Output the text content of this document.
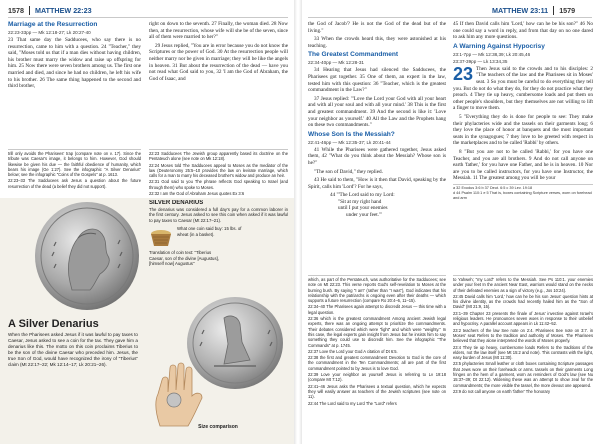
1578 MATTHEW 22:23
Marriage at the Resurrection
22:23-33pp — Mk 12:18-27; Lk 20:27-40
23 That same day the Sadducees, who say there is no resurrection, came to him with a question. 24 "Teacher," they said, "Moses told us that if a man dies without having children, his brother must marry the widow and raise up offspring for him. 25 Now there were seven brothers among us. The first one married and died, and since he had no children, he left his wife to his brother. 26 The same thing happened to the second and third brother,
right on down to the seventh. 27 Finally, the woman died. 28 Now then, at the resurrection, whose wife will she be of the seven, since all of them were married to her?"
29 Jesus replied, "You are in error because you do not know the Scriptures or the power of God. 30 At the resurrection people will neither marry nor be given in marriage; they will be like the angels in heaven. 31 But about the resurrection of the dead — have you not read what God said to you, 32 'I am the God of Abraham, the God of Isaac, and
trill only avoids the Pharisees' trap (compare note on v. 17). Since the tribute was Caesar's image, it belongs to him. However, God should likewise be given his due — the faithful obedience of humanity, which bears his image (Ge 1:27). See the infographic "A Silver Denarius" below; see the infographic "Coins of the Gospels" at p. 1613.
22:23–33 The Sadducees ask Jesus a question about the future resurrection of the dead (a belief they did not support).
22:23 Sadducees The Jewish group apparently based its doctrine on the Pentateuch alone (see note on Mk 12:18).
22:24 Moses told The Sadducees appeal to Moses as the mediator of the law (Deuteronomy 25:5–10 provides the law on levirate marriage, which calls for a man to marry his deceased brother's widow and produce an heir.
22:31 God said to you The phrase reflects God speaking to Israel (and through them) who spoke to Moses.
22:32 I am the God of Abraham Jesus quotes Ex 3:6
SILVER DENARIUS
The denarius was considered a full day's pay for a common laborer in the first century. Jesus asked to see this coin when asked if it was lawful to pay taxes to Caesar (Mt 22:17–21).
What one coin said buy: 15 lbs. of wheat (in a basket).
Translation of coin text: "Tiberius Caesar, son of the divine [Augustus], [himself now] Augustus"
A Silver Denarius
When the Pharisees asked Jesus if it was lawful to pay taxes to Caesar, Jesus asked to see a coin for the tax. They gave him a denarius like this. The motto on this coin proclaims Tiberius to be the son of the divine Caesar who preceded him. Jesus, the true Son of God, would have recognized the irony of "Tiberius" claim (Mt 22:17–22; Mk 12:14–17; Lk 20:21–26).
Size comparison
MATTHEW 23:11 1579
the God of Jacob'? He is not the God of the dead but of the living."
33 When the crowds heard this, they were astonished at his teaching.
The Greatest Commandment
22:34-40pp — Mk 12:28-31
34 Hearing that Jesus had silenced the Sadducees, the Pharisees got together. 35 One of them, an expert in the law, tested him with this question: 36 "Teacher, which is the greatest commandment in the Law?"
37 Jesus replied: "'Love the Lord your God with all your heart and with all your soul and with all your mind.' 38 This is the first and greatest commandment. 39 And the second is like it: 'Love your neighbor as yourself.' 40 All the Law and the Prophets hang on these two commandments."
Whose Son Is the Messiah?
22:41-46pp — Mk 12:35-37; Lk 20:41-44
41 While the Pharisees were gathered together, Jesus asked them, 42 "What do you think about the Messiah? Whose son is he?"
"The son of David," they replied.
43 He said to them, "How is it then that David, speaking by the Spirit, calls him 'Lord'? For he says,
44 "'The Lord said to my Lord:
"Sit at my right hand
until I put your enemies
under your feet."'
45 If then David calls him 'Lord,' how can he be his son?" 46 No one could say a word in reply, and from that day on no one dared to ask him any more questions.
A Warning Against Hypocrisy
23:1-7pp — Mk 12:38,39; Lk 20:45,46
23:37-39pp — Lk 13:34,35
23 Then Jesus said to the crowds and to his disciples: 2 "The teachers of the law and the Pharisees sit in Moses' seat. 3 So you must be careful to do everything they tell you. But do not do what they do, for they do not practice what they preach. 4 They tie up heavy, cumbersome loads and put them on other people's shoulders, but they themselves are not willing to lift a finger to move them.
5 "Everything they do is done for people to see: They make their phylacteries wide and the tassels on their garments long; 6 they love the place of honor at banquets and the most important seats in the synagogues; 7 they love to be greeted with respect in the marketplaces and to be called 'Rabbi' by others.
8 "But you are not to be called 'Rabbi,' for you have one Teacher, and you are all brothers. 9 And do not call anyone on earth 'father,' for you have one Father, and he is in heaven. 10 Nor are you to be called instructors, for you have one Instructor, the Messiah. 11 The greatest among you will be your
a 32 Exodus 3:6 b 37 Deut. 6:5 c 39 Lev. 19:18
d 44 Psalm 110:1 e 5 That is, boxes containing Scripture verses, worn on forehead and arm
which, as part of the Pentateuch, was authoritative for the Sadducees; see note on Mt 22:23. This verse reports God's self-revelation to Moses at the burning bush. By saying "I am" (rather than "I was"), God indicates that his relationship with the patriarchs is ongoing even after their deaths — which supports a future resurrection (compare Ro 20:4–6, 11–15).
22:34–40 The Pharisees again attempt to discredit Jesus — this time with a legal question.
22:36 which is the greatest commandment Among ancient Jewish legal experts, there was an ongoing attempt to prioritize the commandments. Their debates considered which were "light" and which were "weighty." In this case, the legal experts gain insight from Jesus but he insists him to say something they could use to discredit him. See the infographic "The Commands" at p. 1745.
22:37 Love the Lord your God A citation of Dt 6:5.
22:38 the first and greatest commandment Devotion to God is the core of the commandment in the Ten Commandments; all are part of the first commandment pointed to by Jesus is to love God.
22:39 Love your neighbor as yourself Jesus is referring to Lv 19:18 (compare Mt 7:12).
22:41–46 Jesus asks the Pharisees a textual question, which he expects they will easily answer as teachers of the Jewish scriptures (see note on 11).
22:44 The Lord said to my Lord The "Lord" refers
to Yahweh; "my Lord" refers to the Messiah. See Ps 110:1. your enemies under your feet In the ancient Near East, warriors would stand on the necks of their defeated enemies as a sign of victory (e.g., Jos 10:24).
22:45 David calls him 'Lord,' how can he be his son Jesus' question hints at his divine identity, as the crowds had recently hailed him as the "Son of David" (Mt 21:9, 15).
23:1–39 Chapter 23 presents the finale of Jesus' invective against Israel's religious leaders. He pronounces seven woes in response to their unbelief and hypocrisy. A parallel account appears in Lk 11:42–52.
23:2 teachers of the law See note on 2:4. Pharisees See note on 3:7. in Moses' seat Refers to the tradition and authority of Moses. The Pharisees believed that they alone interpreted the words of Moses properly.
23:4 They tie up heavy, cumbersome loads Refers to the traditions of the elders, not the law itself (see Mt 15:2 and note). This contrasts with the light, easy burden of Jesus (Mt 11:30).
23:5 phylacteries Small leather or cloth boxes containing Scripture passages that Jews wore on their foreheads or arms. tassels on their garments Long fringes on the hem of a garment, worn as reminders of God's law (see Nu 15:37–39; Dt 22:12). Widening these was an attempt to show zeal for the commandments; the more visible the tassel, the more devout one appeared.
23:9 do not call anyone on earth 'father' The honorary
